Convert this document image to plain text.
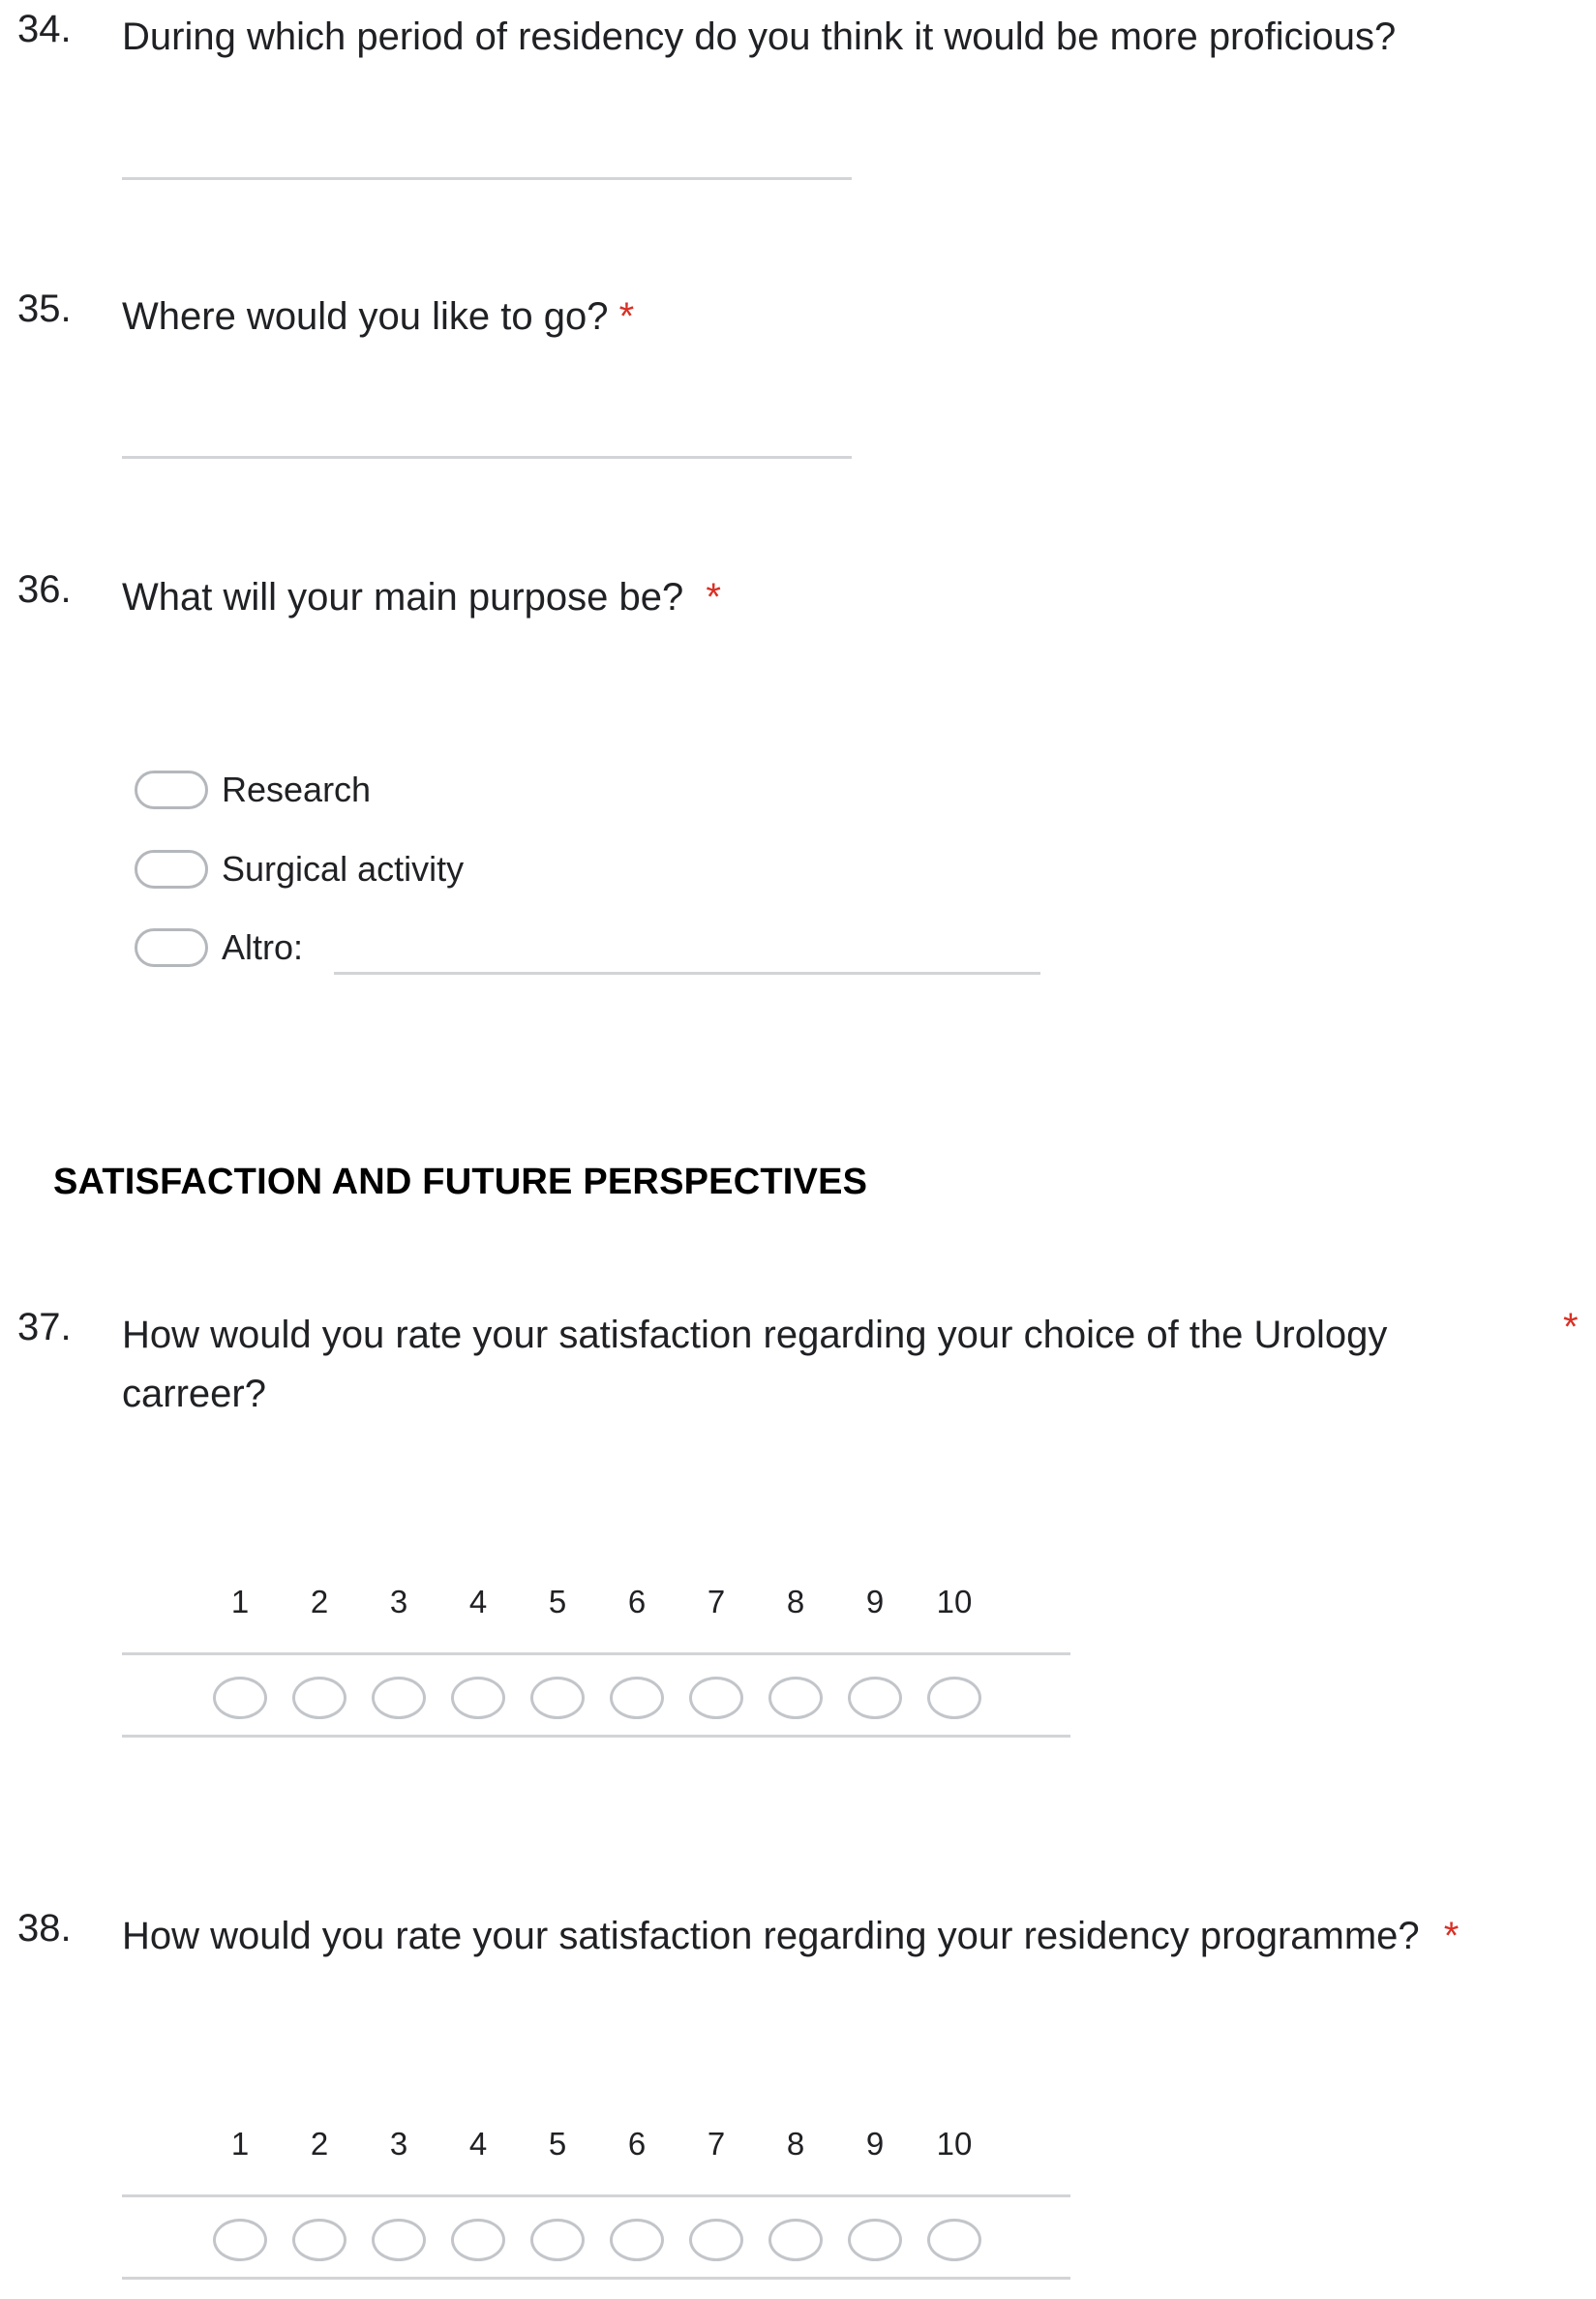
34. During which period of residency do you think it would be more proficious?
35. Where would you like to go? *
36. What will your main purpose be? *
Research
Surgical activity
Altro:
SATISFACTION AND FUTURE PERSPECTIVES
37. How would you rate your satisfaction regarding your choice of the Urology
carreer?
*
1	2	3	4	5	6	7	8	9	10
38. How would you rate your satisfaction regarding your residency programme? *
1	2	3	4	5	6	7	8	9	10
